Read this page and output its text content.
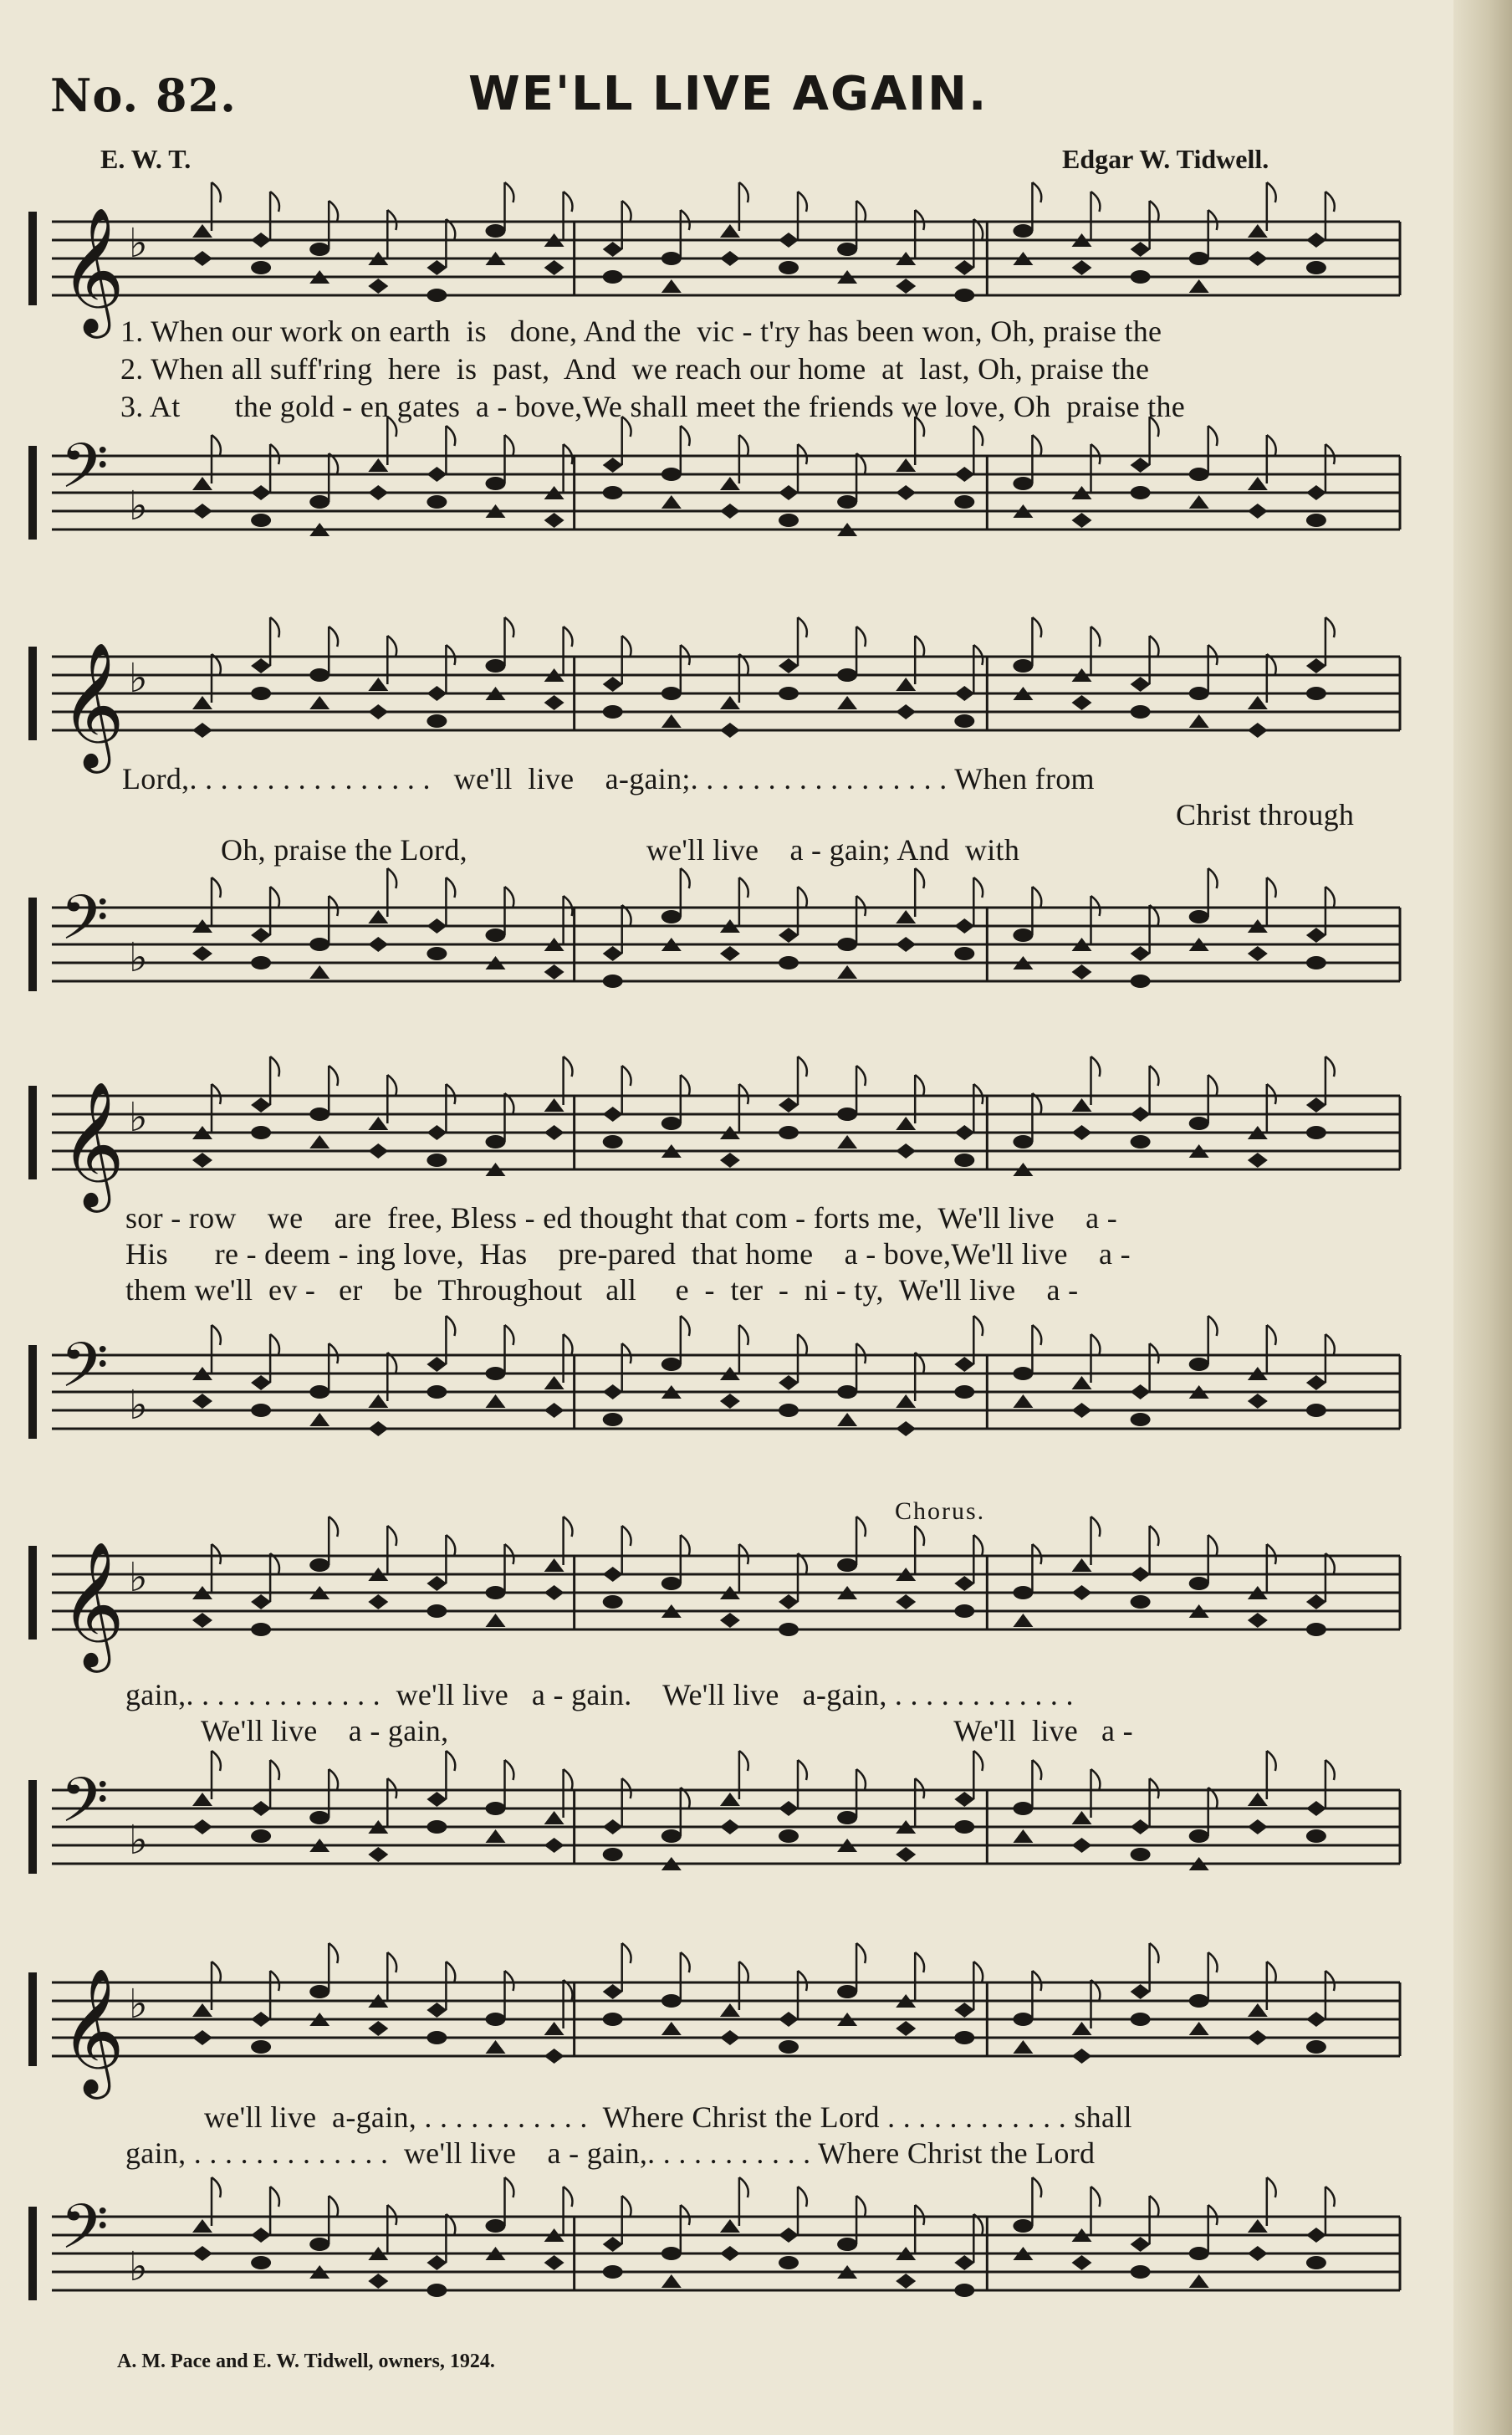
No. 82.	WE'LL LIVE AGAIN.
E. W. T.	Edgar W. Tidwell.
𝄞 ♭
1. When our work on earth  is   done, And the  vic - t'ry has been won, Oh, praise the
2. When all suff'ring  here  is  past,  And  we reach our home  at  last, Oh, praise the
3. At       the gold - en gates  a - bove,We shall meet the friends we love, Oh  praise the
𝄢 ♭
𝄞 ♭
Lord,. . . . . . . . . . . . . . . .   we'll  live    a-gain;. . . . . . . . . . . . . . . . . When from
Christ through
Oh, praise the Lord,                       we'll live    a - gain; And  with
𝄢 ♭
𝄞 ♭
sor - row    we    are  free, Bless - ed thought that com - forts me,  We'll live    a -
His      re - deem - ing love,  Has    pre-pared  that home    a - bove,We'll live    a -
them we'll  ev -   er    be  Throughout   all     e  -  ter  -  ni - ty,  We'll live    a -
𝄢 ♭
Chorus.
𝄞 ♭
gain,. . . . . . . . . . . . .  we'll live   a - gain.    We'll live   a-gain, . . . . . . . . . . . .
We'll live    a - gain,                                                                 We'll  live   a -
𝄢 ♭
𝄞 ♭
we'll live  a-gain, . . . . . . . . . . .  Where Christ the Lord . . . . . . . . . . . . shall
gain, . . . . . . . . . . . . .  we'll live    a - gain,. . . . . . . . . . . Where Christ the Lord
𝄢 ♭
A. M. Pace and E. W. Tidwell, owners, 1924.
